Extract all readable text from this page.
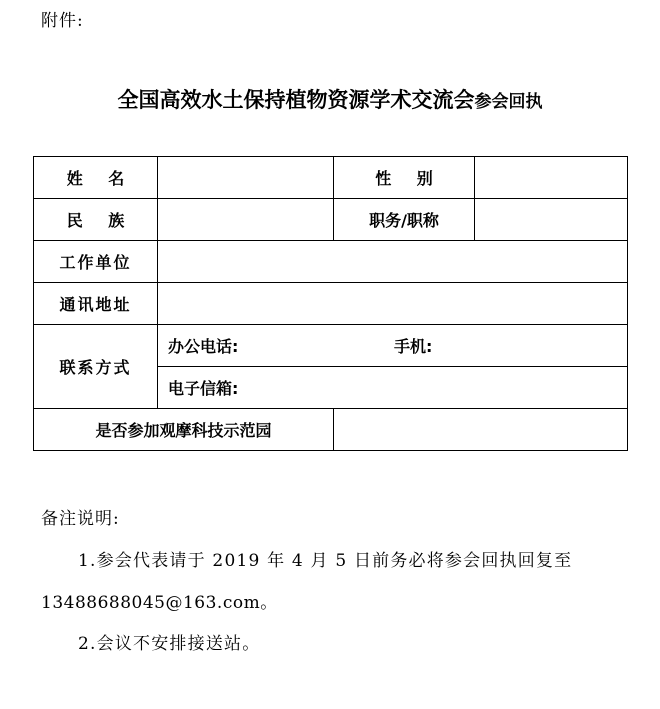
附件:
全国高效水土保持植物资源学术交流会参会回执
姓 名		性 别	
民 族		职务/职称	
工作单位			
通讯地址			
联系方式	办公电话: 手机:		
	电子信箱:		
是否参加观摩科技示范园			
备注说明:
1.参会代表请于 2019 年 4 月 5 日前务必将参会回执回复至
13488688045@163.com。
2.会议不安排接送站。
